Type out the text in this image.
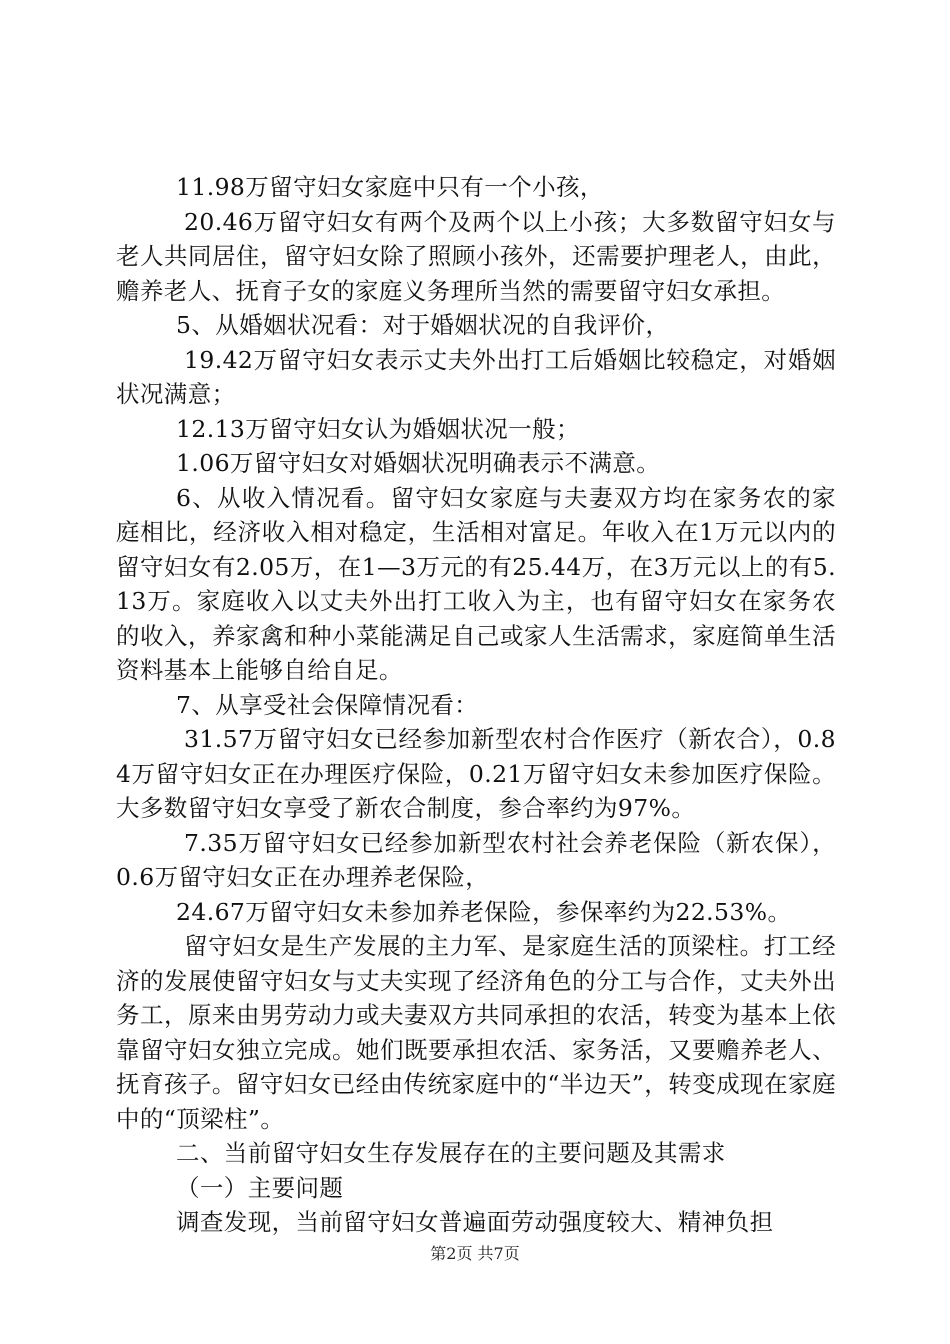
11.98万留守妇女家庭中只有一个小孩，

20.46万留守妇女有两个及两个以上小孩；大多数留守妇女与老人共同居住，留守妇女除了照顾小孩外，还需要护理老人，由此，赡养老人、抚育子女的家庭义务理所当然的需要留守妇女承担。

5、从婚姻状况看：对于婚姻状况的自我评价，

19.42万留守妇女表示丈夫外出打工后婚姻比较稳定，对婚姻状况满意；

12.13万留守妇女认为婚姻状况一般；

1.06万留守妇女对婚姻状况明确表示不满意。

6、从收入情况看。留守妇女家庭与夫妻双方均在家务农的家庭相比，经济收入相对稳定，生活相对富足。年收入在1万元以内的留守妇女有2.05万，在1—3万元的有25.44万，在3万元以上的有5.13万。家庭收入以丈夫外出打工收入为主，也有留守妇女在家务农的收入，养家禽和种小菜能满足自己或家人生活需求，家庭简单生活资料基本上能够自给自足。

7、从享受社会保障情况看：

31.57万留守妇女已经参加新型农村合作医疗（新农合），0.84万留守妇女正在办理医疗保险，0.21万留守妇女未参加医疗保险。大多数留守妇女享受了新农合制度，参合率约为97%。

7.35万留守妇女已经参加新型农村社会养老保险（新农保），0.6万留守妇女正在办理养老保险，

24.67万留守妇女未参加养老保险，参保率约为22.53%。

留守妇女是生产发展的主力军、是家庭生活的顶梁柱。打工经济的发展使留守妇女与丈夫实现了经济角色的分工与合作，丈夫外出务工，原来由男劳动力或夫妻双方共同承担的农活，转变为基本上依靠留守妇女独立完成。她们既要承担农活、家务活，又要赡养老人、抚育孩子。留守妇女已经由传统家庭中的“半边天”，转变成现在家庭中的“顶梁柱”。

二、当前留守妇女生存发展存在的主要问题及其需求

（一）主要问题

调查发现，当前留守妇女普遍面劳动强度较大、精神负担

第2页 共7页
